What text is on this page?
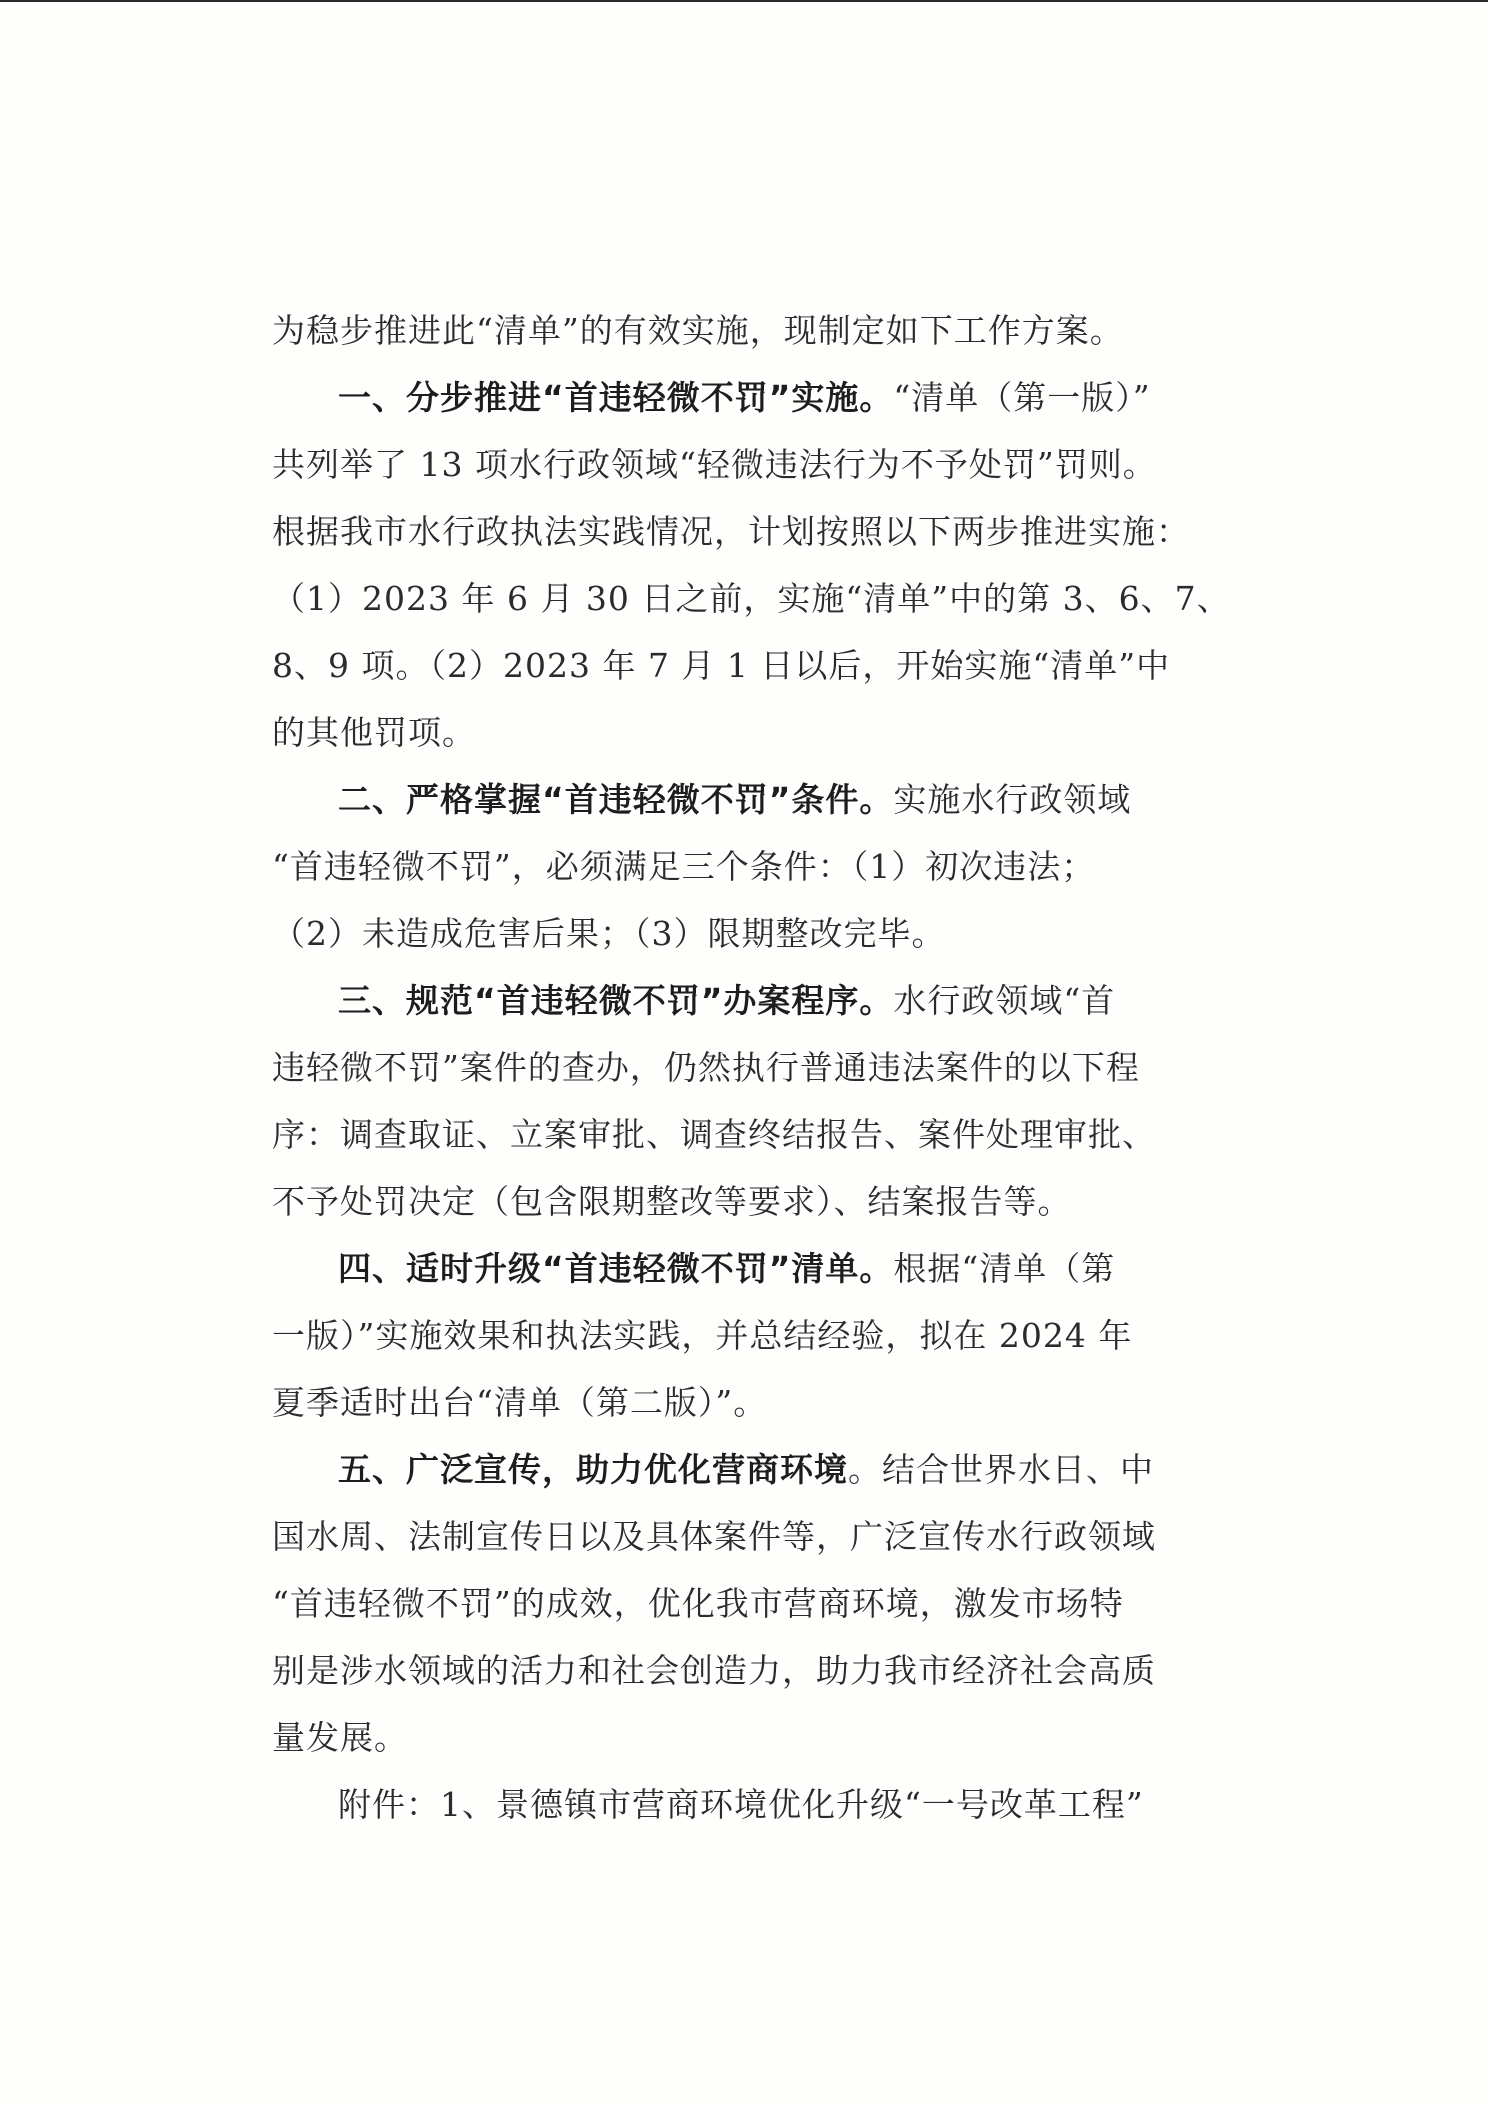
为稳步推进此“清单”的有效实施，现制定如下工作方案。
一、分步推进“首违轻微不罚”实施。“清单（第一版）”
共列举了 13 项水行政领域“轻微违法行为不予处罚”罚则。
根据我市水行政执法实践情况，计划按照以下两步推进实施：
（1）2023 年 6 月 30 日之前，实施“清单”中的第 3、6、7、
8、9 项。（2）2023 年 7 月 1 日以后，开始实施“清单”中
的其他罚项。
二、严格掌握“首违轻微不罚”条件。实施水行政领域
“首违轻微不罚”，必须满足三个条件：（1）初次违法；
（2）未造成危害后果；（3）限期整改完毕。
三、规范“首违轻微不罚”办案程序。水行政领域“首
违轻微不罚”案件的查办，仍然执行普通违法案件的以下程
序：调查取证、立案审批、调查终结报告、案件处理审批、
不予处罚决定（包含限期整改等要求）、结案报告等。
四、适时升级“首违轻微不罚”清单。根据“清单（第
一版）”实施效果和执法实践，并总结经验，拟在 2024 年
夏季适时出台“清单（第二版）”。
五、广泛宣传，助力优化营商环境。结合世界水日、中
国水周、法制宣传日以及具体案件等，广泛宣传水行政领域
“首违轻微不罚”的成效，优化我市营商环境，激发市场特
别是涉水领域的活力和社会创造力，助力我市经济社会高质
量发展。
附件：1、景德镇市营商环境优化升级“一号改革工程”
